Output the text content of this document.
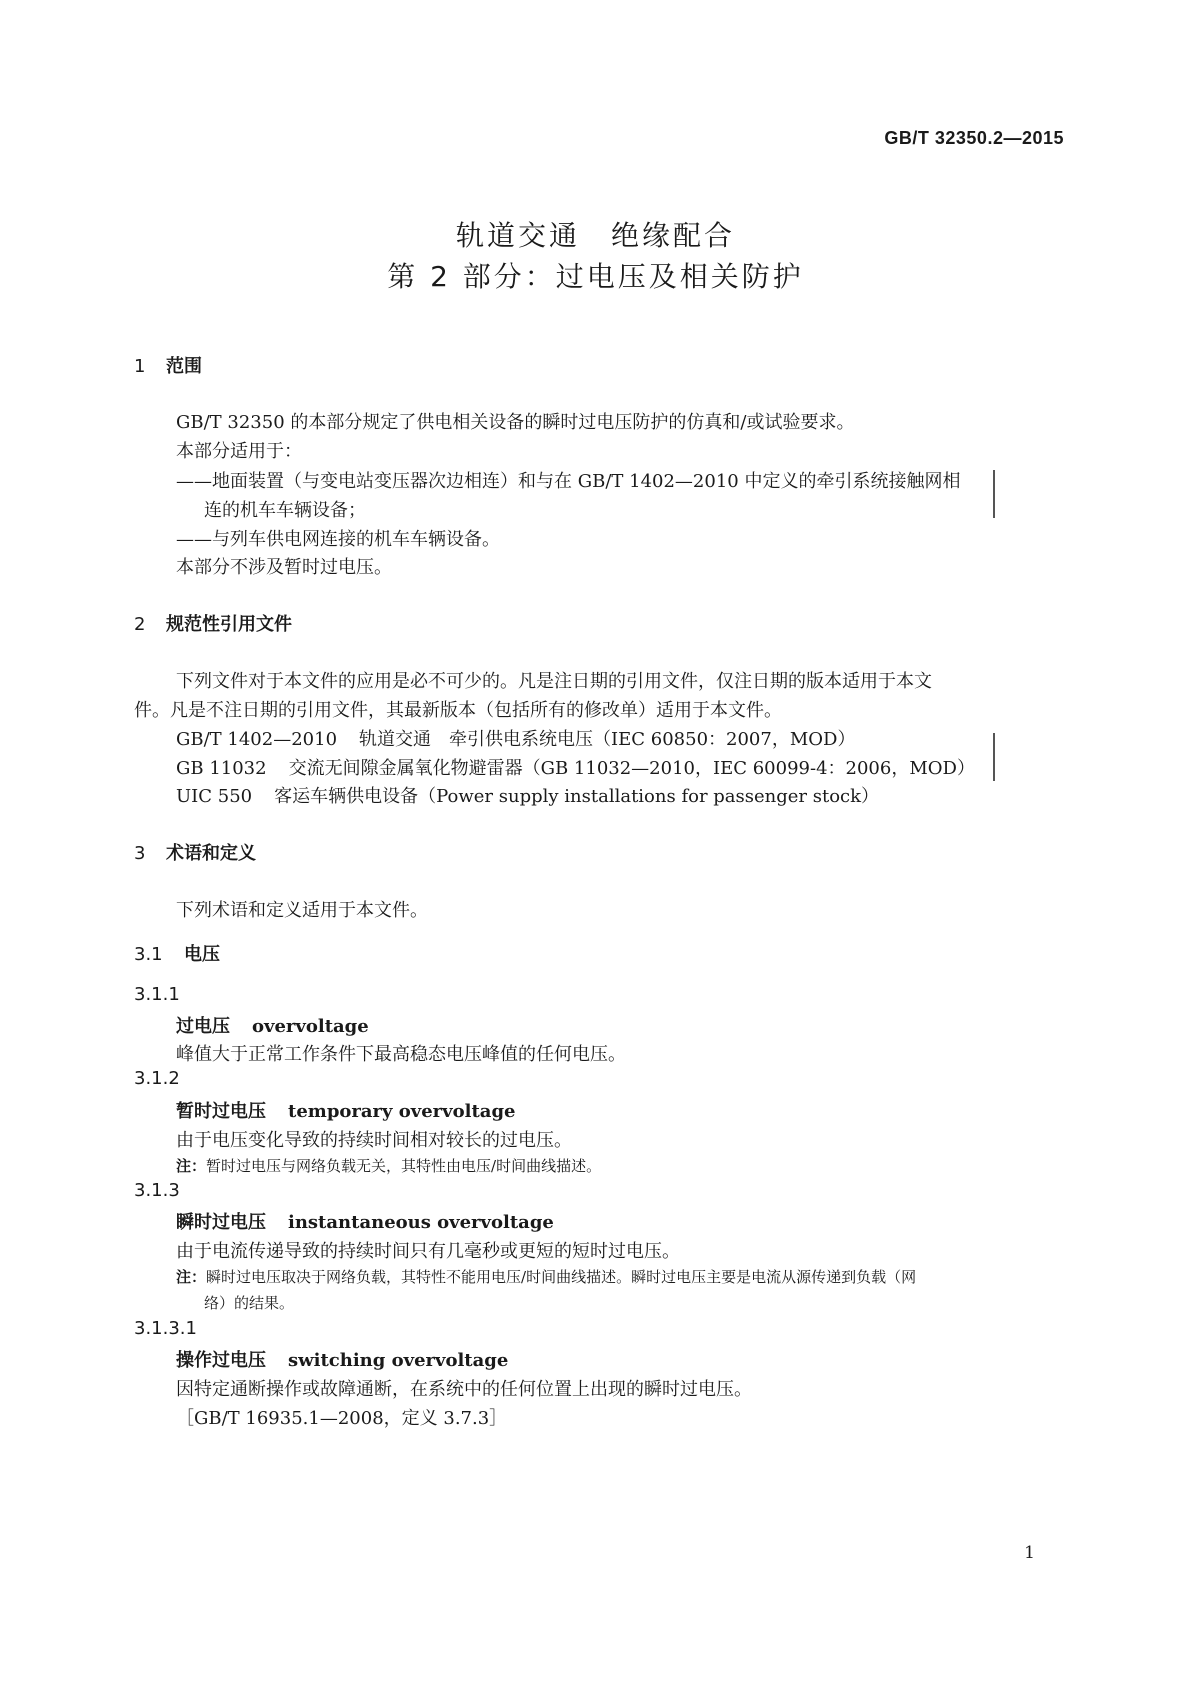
GB/T 32350.2—2015
轨道交通　绝缘配合
第 2 部分：过电压及相关防护
1 范围
GB/T 32350 的本部分规定了供电相关设备的瞬时过电压防护的仿真和/或试验要求。
本部分适用于：
——地面装置（与变电站变压器次边相连）和与在 GB/T 1402—2010 中定义的牵引系统接触网相
连的机车车辆设备；
——与列车供电网连接的机车车辆设备。
本部分不涉及暂时过电压。
2 规范性引用文件
下列文件对于本文件的应用是必不可少的。凡是注日期的引用文件，仅注日期的版本适用于本文
件。凡是不注日期的引用文件，其最新版本（包括所有的修改单）适用于本文件。
GB/T 1402—2010 轨道交通　牵引供电系统电压（IEC 60850：2007，MOD）
GB 11032 交流无间隙金属氧化物避雷器（GB 11032—2010，IEC 60099-4：2006，MOD）
UIC 550 客运车辆供电设备（Power supply installations for passenger stock）
3 术语和定义
下列术语和定义适用于本文件。
3.1 电压
3.1.1
过电压 overvoltage
峰值大于正常工作条件下最高稳态电压峰值的任何电压。
3.1.2
暂时过电压 temporary overvoltage
由于电压变化导致的持续时间相对较长的过电压。
注：暂时过电压与网络负载无关，其特性由电压/时间曲线描述。
3.1.3
瞬时过电压 instantaneous overvoltage
由于电流传递导致的持续时间只有几毫秒或更短的短时过电压。
注：瞬时过电压取决于网络负载，其特性不能用电压/时间曲线描述。瞬时过电压主要是电流从源传递到负载（网
络）的结果。
3.1.3.1
操作过电压 switching overvoltage
因特定通断操作或故障通断，在系统中的任何位置上出现的瞬时过电压。
［GB/T 16935.1—2008，定义 3.7.3］
1
